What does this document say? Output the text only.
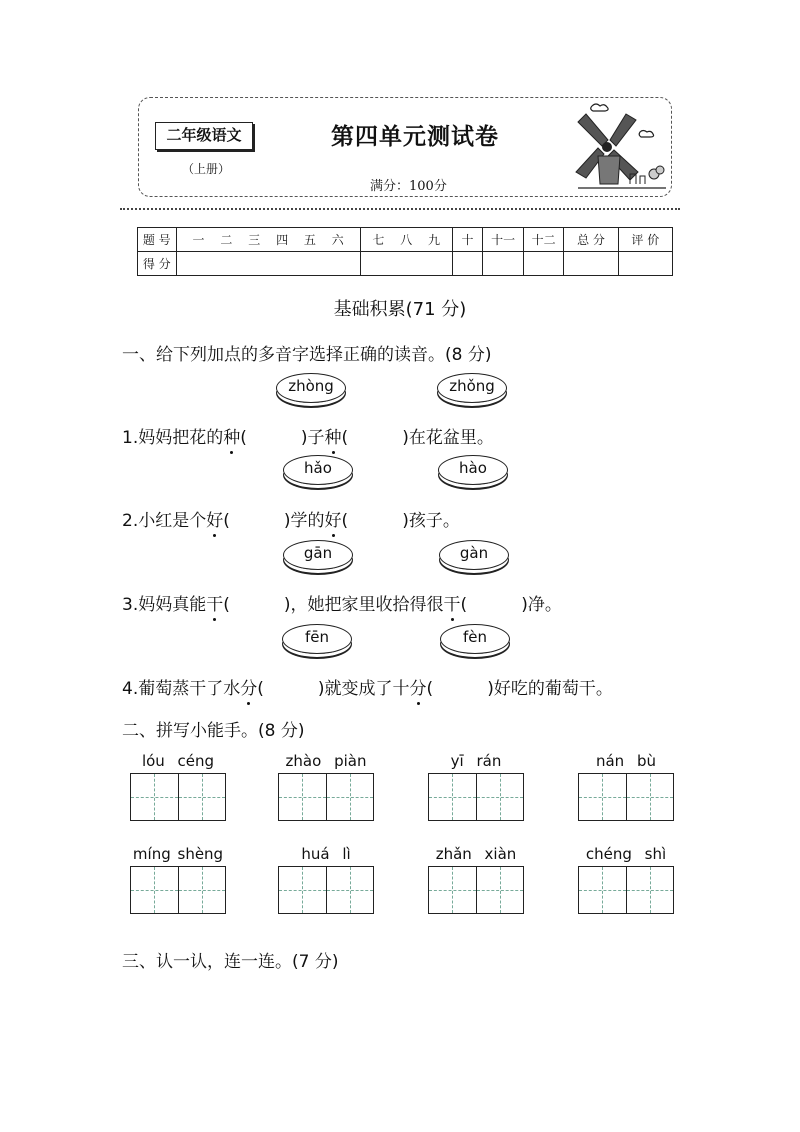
二年级语文
（上册）
第四单元测试卷
满分：100分
题 号	一 二 三 四 五 六	七 八 九	十	十一	十二	总 分	评 价
得 分							
基础积累(71 分)
一、给下列加点的多音字选择正确的读音。(8 分)
zhòng	zhǒng
1.妈妈把花的种(          )子种(          )在花盆里。
hǎo	hào
2.小红是个好(          )学的好(          )孩子。
gān	gàn
3.妈妈真能干(          )，她把家里收拾得很干(          )净。
fēn	fèn
4.葡萄蒸干了水分(          )就变成了十分(          )好吃的葡萄干。
二、拼写小能手。(8 分)
lóu céng	zhào piàn	yī rán	nán bù
míng shèng	huá lì	zhǎn xiàn	chéng shì
三、认一认，连一连。(7 分)
